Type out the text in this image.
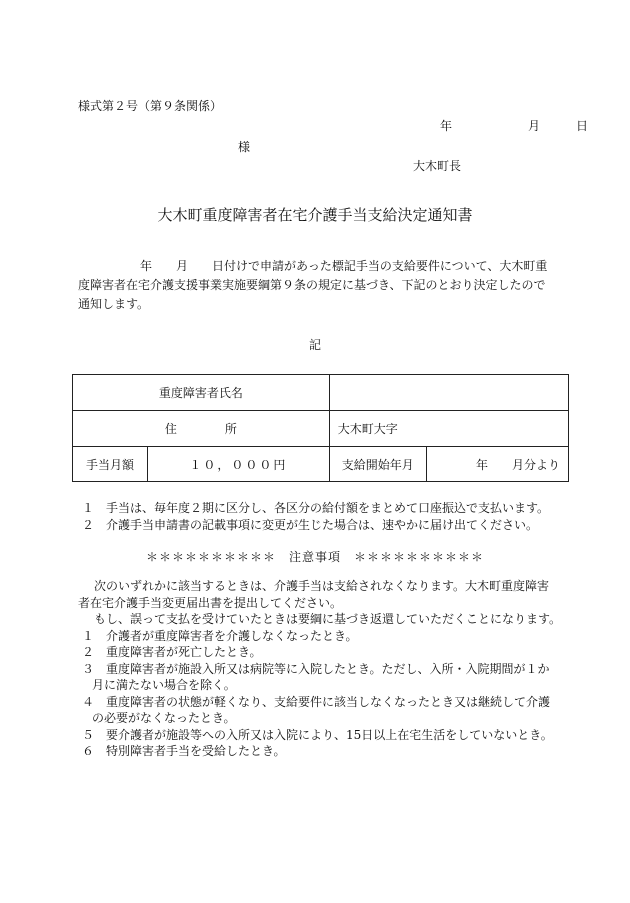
様式第２号（第９条関係）
年	月	日
様
大木町長
大木町重度障害者在宅介護手当支給決定通知書

年　　月　　日付けで申請があった標記手当の支給要件について、大木町重

度障害者在宅介護支援事業実施要綱第９条の規定に基づき、下記のとおり決定したので

通知します。

記
重度障害者氏名			
住　　　　所		大木町大字	
手当月額	１０，０００円	支給開始年月	年　　月分より
１　手当は、毎年度２期に区分し、各区分の給付額をまとめて口座振込で支払います。
２　介護手当申請書の記載事項に変更が生じた場合は、速やかに届け出てください。
＊＊＊＊＊＊＊＊＊＊　注意事項　＊＊＊＊＊＊＊＊＊＊
次のいずれかに該当するときは、介護手当は支給されなくなります。大木町重度障害
者在宅介護手当変更届出書を提出してください。
もし、誤って支払を受けていたときは要綱に基づき返還していただくことになります。
１　介護者が重度障害者を介護しなくなったとき。
２　重度障害者が死亡したとき。
３　重度障害者が施設入所又は病院等に入院したとき。ただし、入所・入院期間が１か
月に満たない場合を除く。
４　重度障害者の状態が軽くなり、支給要件に該当しなくなったとき又は継続して介護
の必要がなくなったとき。
５　要介護者が施設等への入所又は入院により、15日以上在宅生活をしていないとき。
６　特別障害者手当を受給したとき。
